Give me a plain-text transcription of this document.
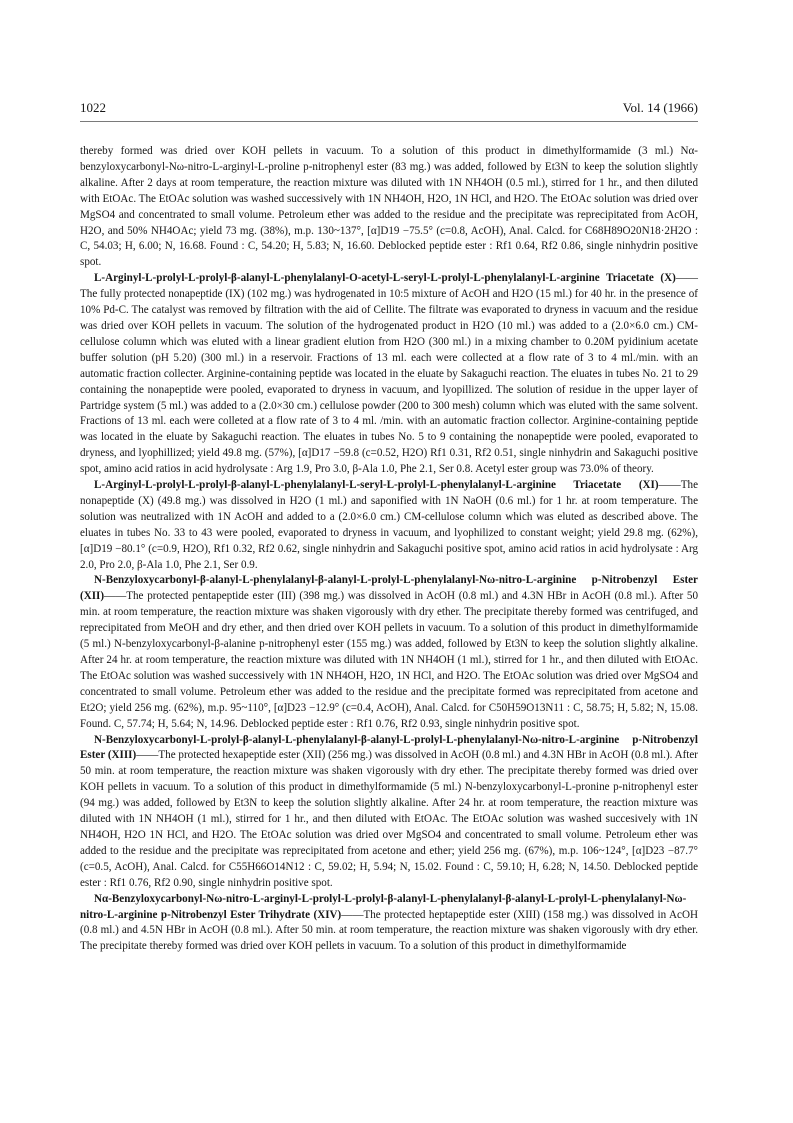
1022	Vol. 14 (1966)

thereby formed was dried over KOH pellets in vacuum. To a solution of this product in dimethylformamide (3 ml.) Nα-benzyloxycarbonyl-Nω-nitro-L-arginyl-L-proline p-nitrophenyl ester (83 mg.) was added, followed by Et3N to keep the solution slightly alkaline. After 2 days at room temperature, the reaction mixture was diluted with 1N NH4OH (0.5 ml.), stirred for 1 hr., and then diluted with EtOAc. The EtOAc solution was washed successively with 1N NH4OH, H2O, 1N HCl, and H2O. The EtOAc solution was dried over MgSO4 and concentrated to small volume. Petroleum ether was added to the residue and the precipitate was reprecipitated from AcOH, H2O, and 50% NH4OAc; yield 73 mg. (38%), m.p. 130~137°, [α]D19 −75.5° (c=0.8, AcOH), Anal. Calcd. for C68H89O20N18·2H2O : C, 54.03; H, 6.00; N, 16.68. Found : C, 54.20; H, 5.83; N, 16.60. Deblocked peptide ester : Rf1 0.64, Rf2 0.86, single ninhydrin positive spot.

L-Arginyl-L-prolyl-L-prolyl-β-alanyl-L-phenylalanyl-O-acetyl-L-seryl-L-prolyl-L-phenylalanyl-L-arginine Triacetate (X)——The fully protected nonapeptide (IX) (102 mg.) was hydrogenated in 10:5 mixture of AcOH and H2O (15 ml.) for 40 hr. in the presence of 10% Pd-C. The catalyst was removed by filtration with the aid of Cellite. The filtrate was evaporated to dryness in vacuum and the residue was dried over KOH pellets in vacuum. The solution of the hydrogenated product in H2O (10 ml.) was added to a (2.0×6.0 cm.) CM-cellulose column which was eluted with a linear gradient elution from H2O (300 ml.) in a mixing chamber to 0.20M pyidinium acetate buffer solution (pH 5.20) (300 ml.) in a reservoir. Fractions of 13 ml. each were collected at a flow rate of 3 to 4 ml./min. with an automatic fraction collecter. Arginine-containing peptide was located in the eluate by Sakaguchi reaction. The eluates in tubes No. 21 to 29 containing the nonapeptide were pooled, evaporated to dryness in vacuum, and lyopillized. The solution of residue in the upper layer of Partridge system (5 ml.) was added to a (2.0×30 cm.) cellulose powder (200 to 300 mesh) column which was eluted with the same solvent. Fractions of 13 ml. each were colleted at a flow rate of 3 to 4 ml. /min. with an automatic fraction collector. Arginine-containing peptide was located in the eluate by Sakaguchi reaction. The eluates in tubes No. 5 to 9 containing the nonapeptide were pooled, evaporated to dryness, and lyophillized; yield 49.8 mg. (57%), [α]D17 −59.8 (c=0.52, H2O) Rf1 0.31, Rf2 0.51, single ninhydrin and Sakaguchi positive spot, amino acid ratios in acid hydrolysate : Arg 1.9, Pro 3.0, β-Ala 1.0, Phe 2.1, Ser 0.8. Acetyl ester group was 73.0% of theory.

L-Arginyl-L-prolyl-L-prolyl-β-alanyl-L-phenylalanyl-L-seryl-L-prolyl-L-phenylalanyl-L-arginine Triacetate (XI)——The nonapeptide (X) (49.8 mg.) was dissolved in H2O (1 ml.) and saponified with 1N NaOH (0.6 ml.) for 1 hr. at room temperature. The solution was neutralized with 1N AcOH and added to a (2.0×6.0 cm.) CM-cellulose column which was eluted as described above. The eluates in tubes No. 33 to 43 were pooled, evaporated to dryness in vacuum, and lyophilized to constant weight; yield 29.8 mg. (62%), [α]D19 −80.1° (c=0.9, H2O), Rf1 0.32, Rf2 0.62, single ninhydrin and Sakaguchi positive spot, amino acid ratios in acid hydrolysate : Arg 2.0, Pro 2.0, β-Ala 1.0, Phe 2.1, Ser 0.9.

N-Benzyloxycarbonyl-β-alanyl-L-phenylalanyl-β-alanyl-L-prolyl-L-phenylalanyl-Nω-nitro-L-arginine p-Nitrobenzyl Ester (XII)——The protected pentapeptide ester (III) (398 mg.) was dissolved in AcOH (0.8 ml.) and 4.3N HBr in AcOH (0.8 ml.). After 50 min. at room temperature, the reaction mixture was shaken vigorously with dry ether. The precipitate thereby formed was centrifuged, and reprecipitated from MeOH and dry ether, and then dried over KOH pellets in vacuum. To a solution of this product in dimethylformamide (5 ml.) N-benzyloxycarbonyl-β-alanine p-nitrophenyl ester (155 mg.) was added, followed by Et3N to keep the solution slightly alkaline. After 24 hr. at room temperature, the reaction mixture was diluted with 1N NH4OH (1 ml.), stirred for 1 hr., and then diluted with EtOAc. The EtOAc solution was washed successively with 1N NH4OH, H2O, 1N HCl, and H2O. The EtOAc solution was dried over MgSO4 and concentrated to small volume. Petroleum ether was added to the residue and the precipitate formed was reprecipitated from acetone and Et2O; yield 256 mg. (62%), m.p. 95~110°, [α]D23 −12.9° (c=0.4, AcOH), Anal. Calcd. for C50H59O13N11 : C, 58.75; H, 5.82; N, 15.08. Found. C, 57.74; H, 5.64; N, 14.96. Deblocked peptide ester : Rf1 0.76, Rf2 0.93, single ninhydrin positive spot.

N-Benzyloxycarbonyl-L-prolyl-β-alanyl-L-phenylalanyl-β-alanyl-L-prolyl-L-phenylalanyl-Nω-nitro-L-arginine p-Nitrobenzyl Ester (XIII)——The protected hexapeptide ester (XII) (256 mg.) was dissolved in AcOH (0.8 ml.) and 4.3N HBr in AcOH (0.8 ml.). After 50 min. at room temperature, the reaction mixture was shaken vigorously with dry ether. The precipitate thereby formed was dried over KOH pellets in vacuum. To a solution of this product in dimethylformamide (5 ml.) N-benzyloxycarbonyl-L-pronine p-nitrophenyl ester (94 mg.) was added, followed by Et3N to keep the solution slightly alkaline. After 24 hr. at room temperature, the reaction mixture was diluted with 1N NH4OH (1 ml.), stirred for 1 hr., and then diluted with EtOAc. The EtOAc solution was washed succesively with 1N NH4OH, H2O 1N HCl, and H2O. The EtOAc solution was dried over MgSO4 and concentrated to small volume. Petroleum ether was added to the residue and the precipitate was reprecipitated from acetone and ether; yield 256 mg. (67%), m.p. 106~124°, [α]D23 −87.7° (c=0.5, AcOH), Anal. Calcd. for C55H66O14N12 : C, 59.02; H, 5.94; N, 15.02. Found : C, 59.10; H, 6.28; N, 14.50. Deblocked peptide ester : Rf1 0.76, Rf2 0.90, single ninhydrin positive spot.

Nα-Benzyloxycarbonyl-Nω-nitro-L-arginyl-L-prolyl-L-prolyl-β-alanyl-L-phenylalanyl-β-alanyl-L-prolyl-L-phenylalanyl-Nω-nitro-L-arginine p-Nitrobenzyl Ester Trihydrate (XIV)——The protected heptapeptide ester (XIII) (158 mg.) was dissolved in AcOH (0.8 ml.) and 4.5N HBr in AcOH (0.8 ml.). After 50 min. at room temperature, the reaction mixture was shaken vigorously with dry ether. The precipitate thereby formed was dried over KOH pellets in vacuum. To a solution of this product in dimethylformamide
